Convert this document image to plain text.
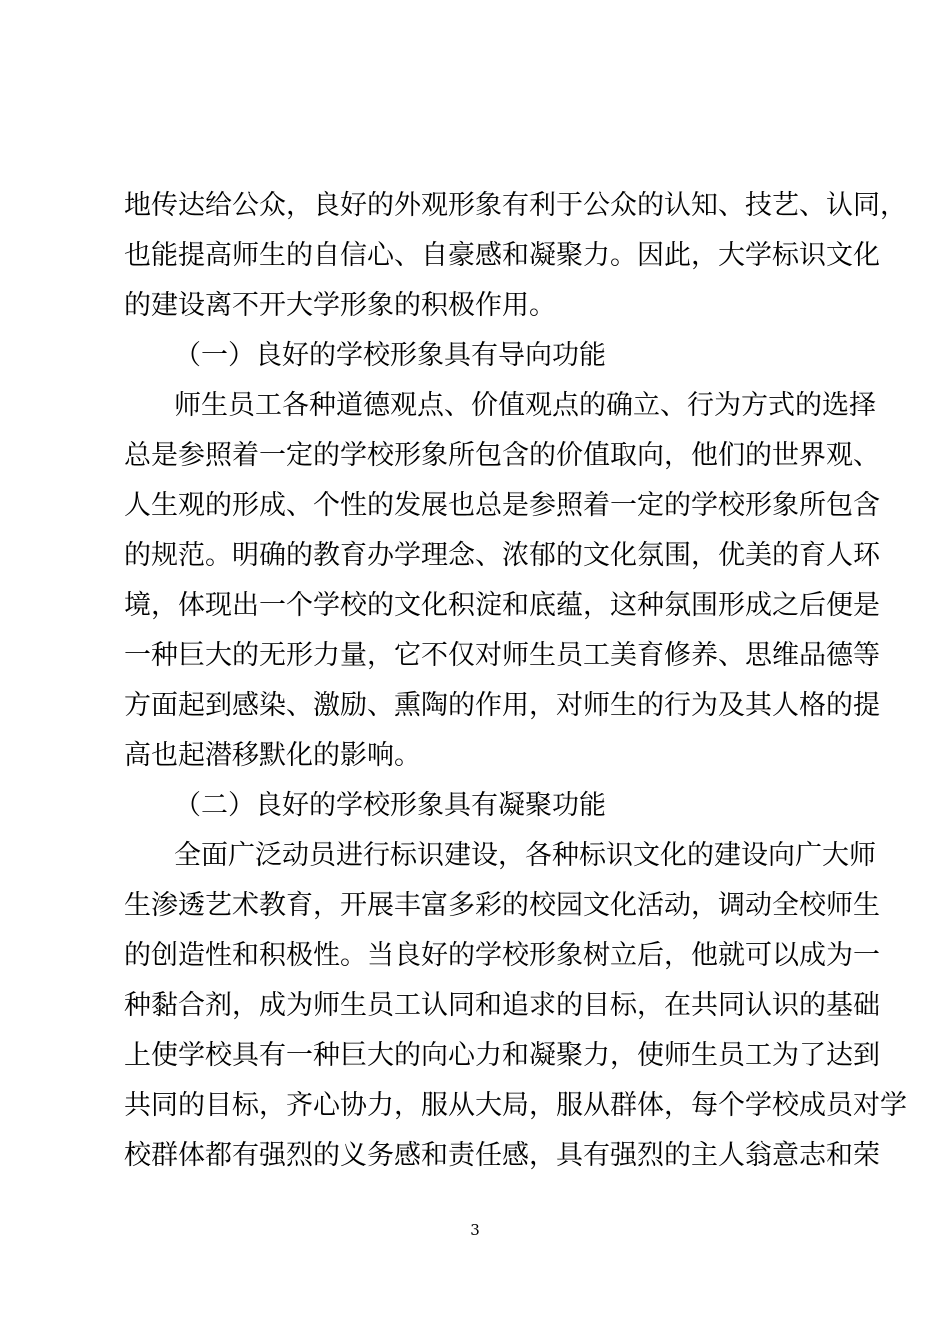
地传达给公众，良好的外观形象有利于公众的认知、技艺、认同，
也能提高师生的自信心、自豪感和凝聚力。因此，大学标识文化
的建设离不开大学形象的积极作用。
（一）良好的学校形象具有导向功能
师生员工各种道德观点、价值观点的确立、行为方式的选择
总是参照着一定的学校形象所包含的价值取向，他们的世界观、
人生观的形成、个性的发展也总是参照着一定的学校形象所包含
的规范。明确的教育办学理念、浓郁的文化氛围，优美的育人环
境，体现出一个学校的文化积淀和底蕴，这种氛围形成之后便是
一种巨大的无形力量，它不仅对师生员工美育修养、思维品德等
方面起到感染、激励、熏陶的作用，对师生的行为及其人格的提
高也起潜移默化的影响。
（二）良好的学校形象具有凝聚功能
全面广泛动员进行标识建设，各种标识文化的建设向广大师
生渗透艺术教育，开展丰富多彩的校园文化活动，调动全校师生
的创造性和积极性。当良好的学校形象树立后，他就可以成为一
种黏合剂，成为师生员工认同和追求的目标，在共同认识的基础
上使学校具有一种巨大的向心力和凝聚力，使师生员工为了达到
共同的目标，齐心协力，服从大局，服从群体，每个学校成员对学
校群体都有强烈的义务感和责任感，具有强烈的主人翁意志和荣
3
